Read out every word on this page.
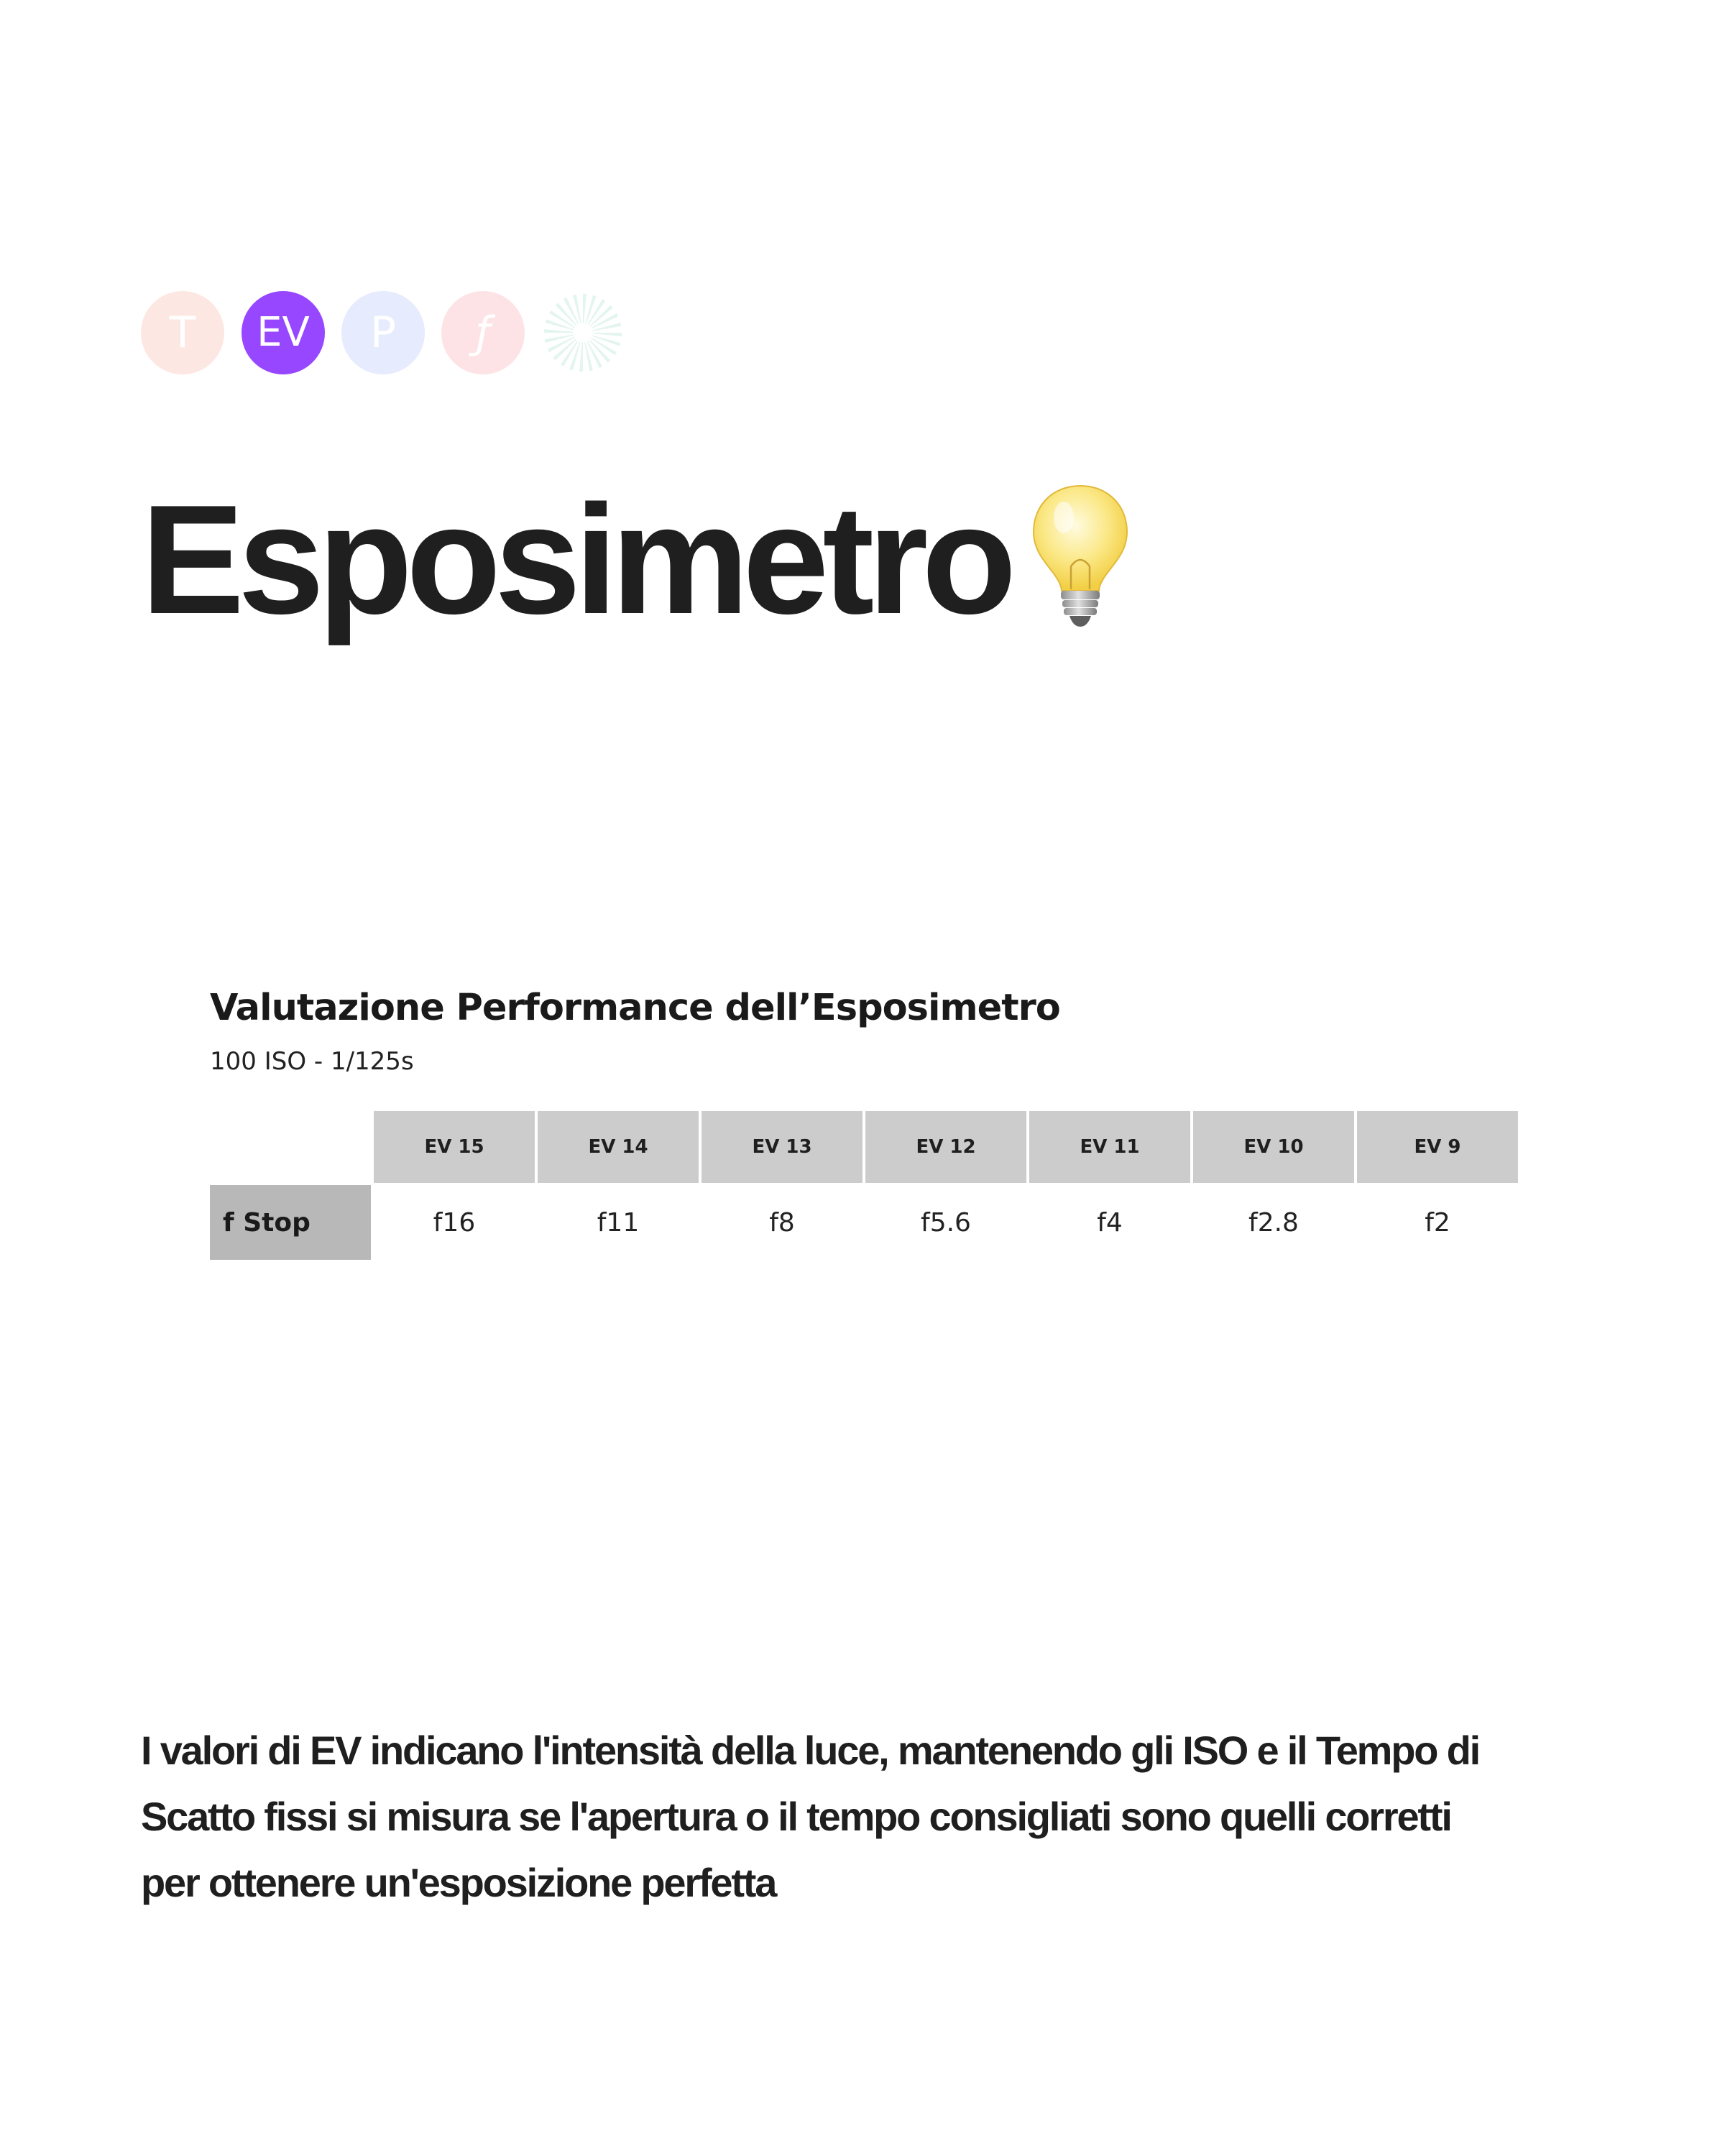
T EV P ƒ
Esposimetro
Valutazione Performance dell’Esposimetro
100 ISO - 1/125s
	EV 15	EV 14	EV 13	EV 12	EV 11	EV 10	EV 9
f Stop	f16	f11	f8	f5.6	f4	f2.8	f2

I valori di EV indicano l'intensità della luce, mantenendo gli ISO e il Tempo di Scatto fissi si misura se l'apertura o il tempo consigliati sono quelli corretti per ottenere un'esposizione perfetta
